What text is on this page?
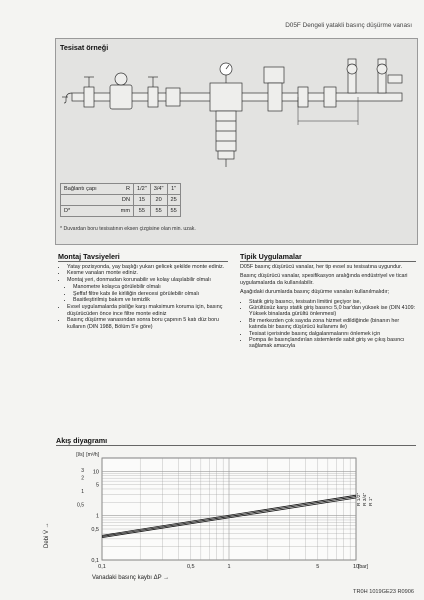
D05F Dengeli yatakli basınç düşürme vanası
Tesisat örneği
Bağlantı çapı	R	1/2"	3/4"	1"
	DN	15	20	25
D*	mm	55	55	55
* Duvardan boru tesisatının eksen çizgisine olan min. uzak.
Montaj Tavsiyeleri
• Yatay pozisyonda, yay başlığı yukarı gelicek şekilde monte ediniz.
• Kesme vanaları monte ediniz.
• Montaj yeri, donmadan korunabilir ve kolay ulaşılabilir olmalı
• Manometre kolayca görülebilir olmalı
• Şeffaf filtre kabı ile kirliliğin derecesi görülebilir olmalı
• Basitleştirilmiş bakım ve temizlik
• Evsel uygulamalarda pisliğe karşı maksimum koruma için, basınç düşürücüden önce ince filtre monte ediniz
• Basınç düşürme vanasından sonra boru çapının 5 katı düz boru kullanın (DIN 1988, Bölüm 5'e göre)
Tipik Uygulamalar

D05F basınç düşürücü vanalar, her tip evsel su tesisatına uygundur.

Basınç düşürücü vanalar, spesifikasyon aralığında endüstriyel ve ticari uygulamalarda da kullanılabilir.

Aşağıdaki durumlarda basınç düşürme vanaları kullanılmalıdır;

• Statik giriş basıncı, tesisatın limitini geçiyor ise,
• Gürültüsüz karşı statik giriş basıncı 5,0 bar'dan yüksek ise (DIN 4109: Yüksek binalarda gürültü önlenmesi)
• Bir merkezden çok sayıda zona hizmet edildiğinde (binanın her katında bir basınç düşürücü kullanımı ile)
• Tesisat içerisinde basınç dalgalanmalarını önlemek için
• Pompa ile basınçlandırılan sistemlerde sabit giriş ve çıkış basıncı sağlamak amacıyla
Akış diyagramı
0,1	0,5	1	5	10
0,1
0,5
1
5
10
0,5
1
2
3
[m³/h]
[l/s]
[bar]
R 1/2" R 3/4" R 1"
Debi V̇ →
Vanadaki basınç kaybı ΔP →
TR0H 1019GE23 R0906
